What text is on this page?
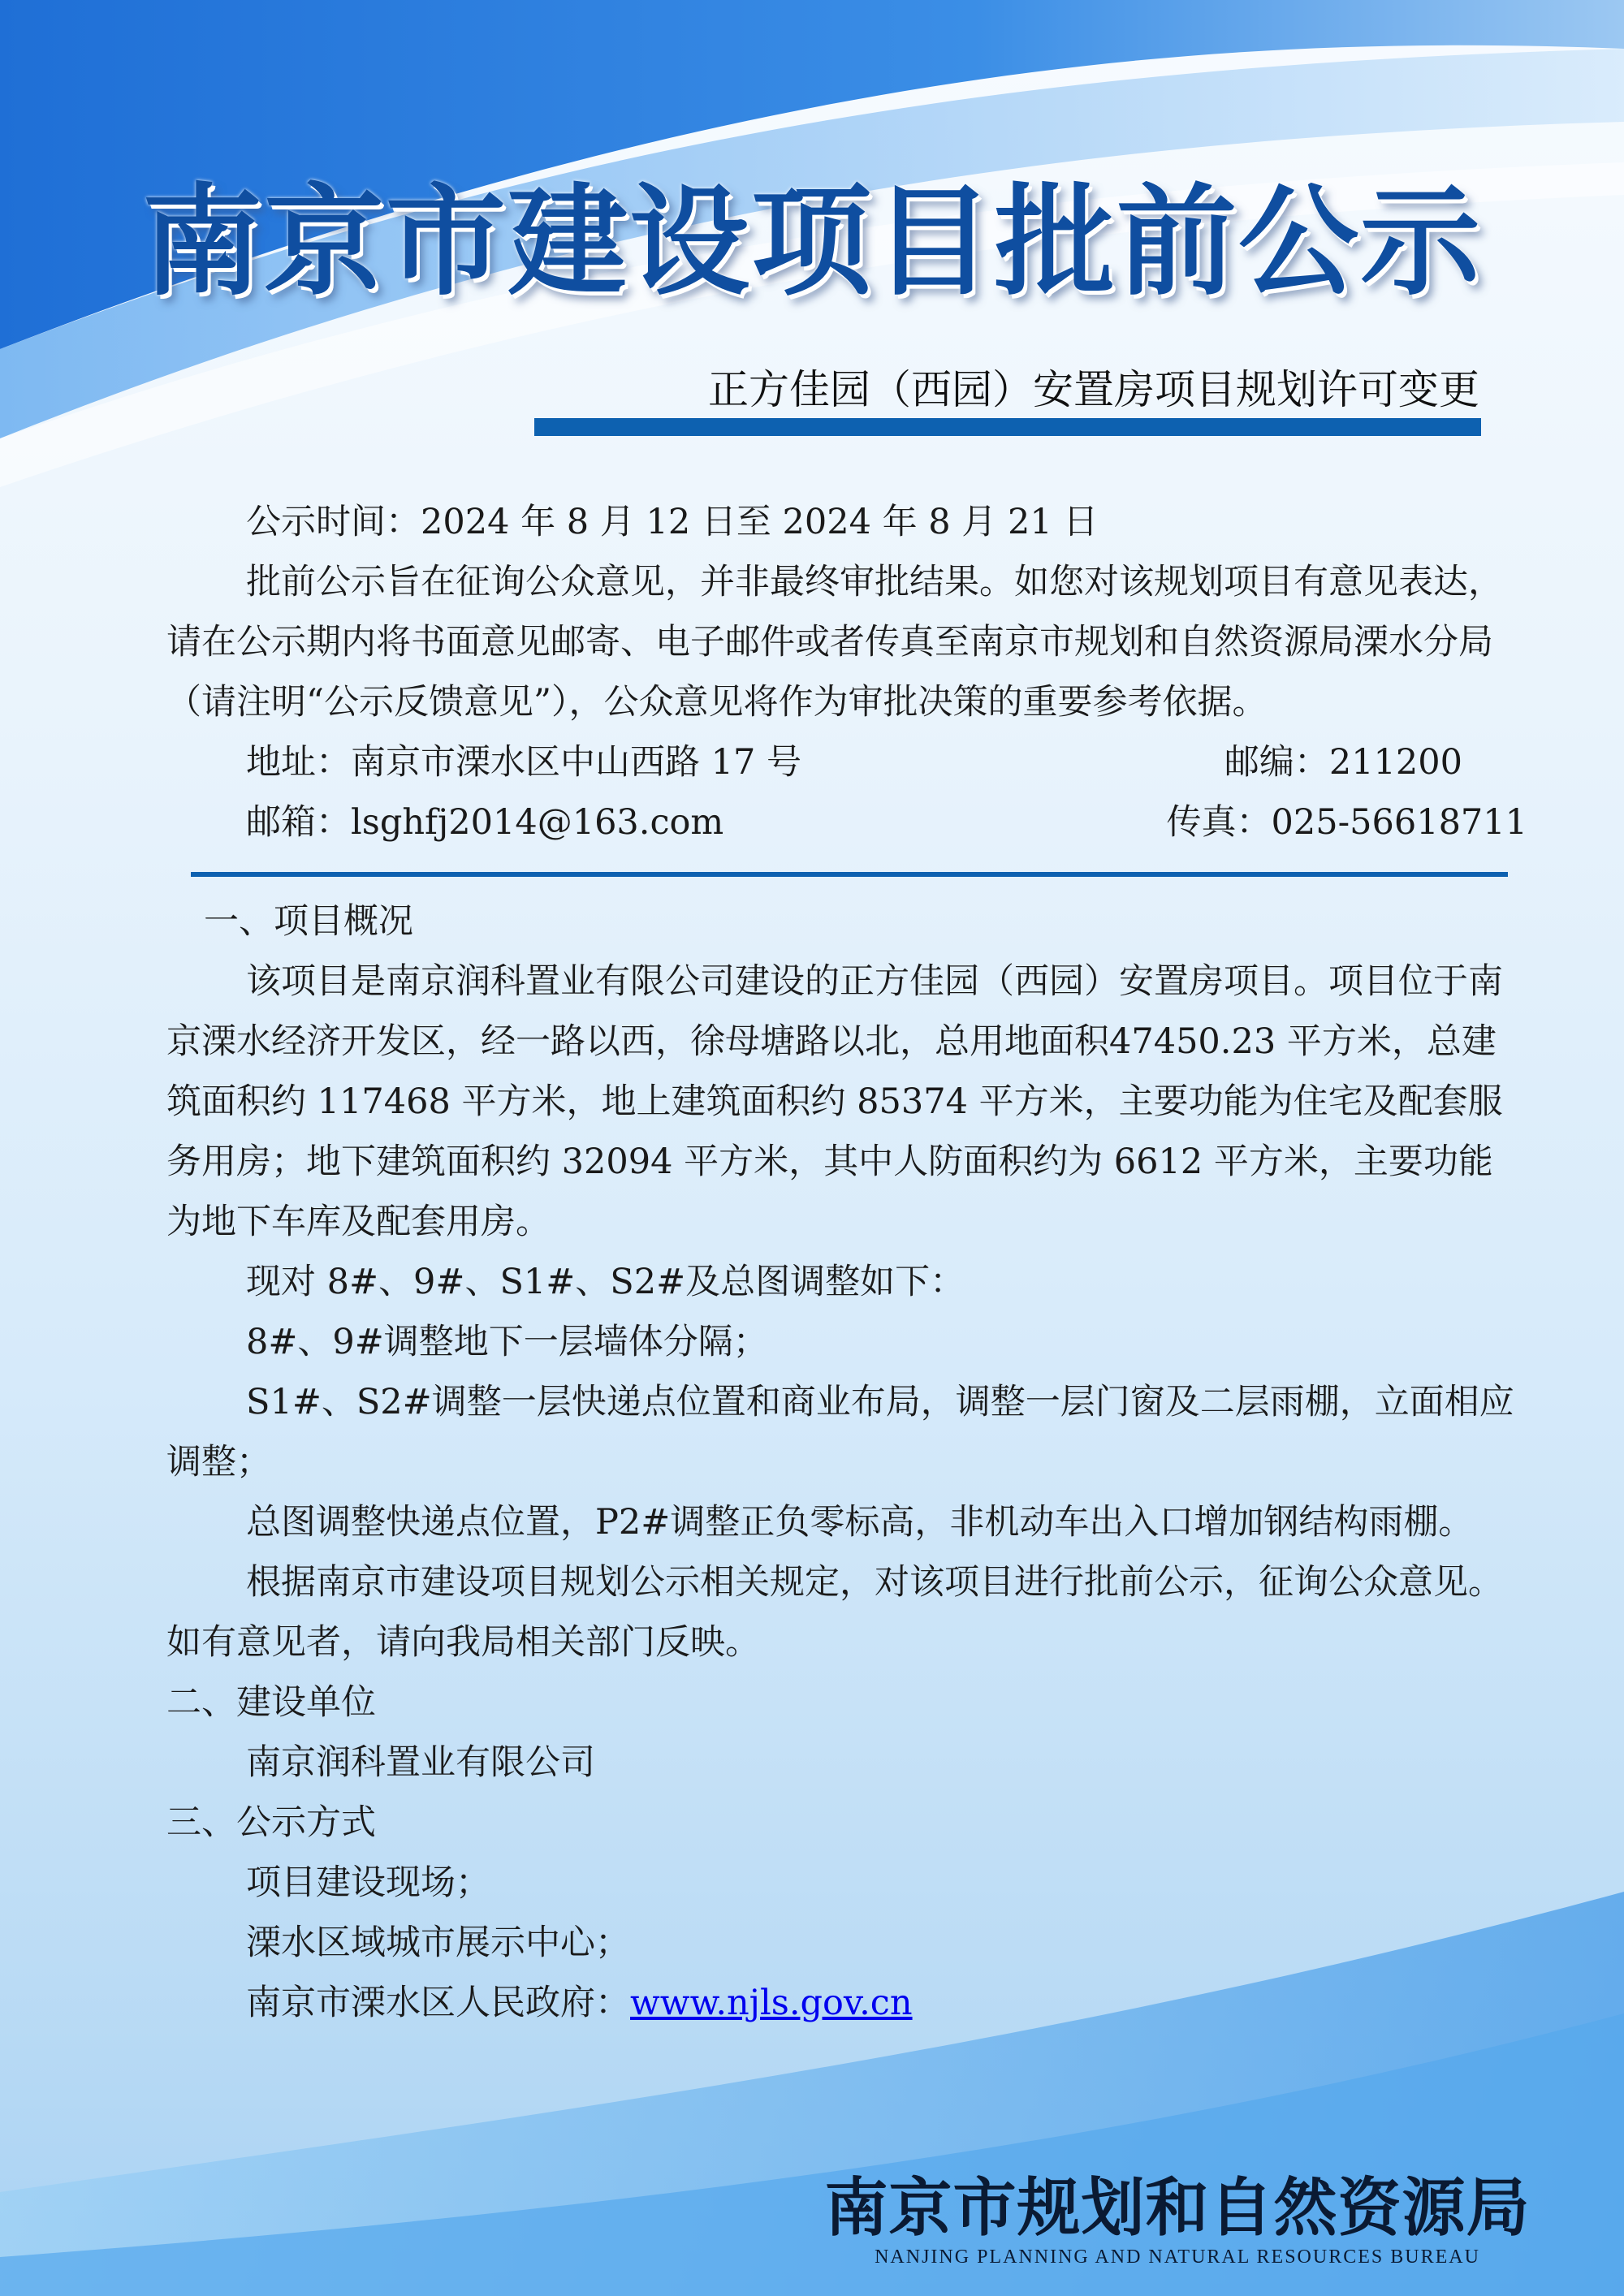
南京市建设项目批前公示
正方佳园（西园）安置房项目规划许可变更

公示时间：2024 年 8 月 12 日至 2024 年 8 月 21 日

批前公示旨在征询公众意见，并非最终审批结果。如您对该规划项目有意见表达，请在公示期内将书面意见邮寄、电子邮件或者传真至南京市规划和自然资源局溧水分局（请注明“公示反馈意见”），公众意见将作为审批决策的重要参考依据。

地址：南京市溧水区中山西路 17 号	邮编：211200
邮箱：lsghfj2014@163.com	传真：025-56618711

一、项目概况

该项目是南京润科置业有限公司建设的正方佳园（西园）安置房项目。项目位于南京溧水经济开发区，经一路以西，徐母塘路以北，总用地面积47450.23 平方米，总建筑面积约 117468 平方米，地上建筑面积约 85374 平方米，主要功能为住宅及配套服务用房；地下建筑面积约 32094 平方米，其中人防面积约为 6612 平方米，主要功能为地下车库及配套用房。

现对 8#、9#、S1#、S2#及总图调整如下：

8#、9#调整地下一层墙体分隔；

S1#、S2#调整一层快递点位置和商业布局，调整一层门窗及二层雨棚，立面相应调整；

总图调整快递点位置，P2#调整正负零标高，非机动车出入口增加钢结构雨棚。

根据南京市建设项目规划公示相关规定，对该项目进行批前公示，征询公众意见。如有意见者，请向我局相关部门反映。

二、建设单位

南京润科置业有限公司

三、公示方式

项目建设现场；

溧水区域城市展示中心；

南京市溧水区人民政府：www.njls.gov.cn

南京市规划和自然资源局
NANJING PLANNING AND NATURAL RESOURCES BUREAU
